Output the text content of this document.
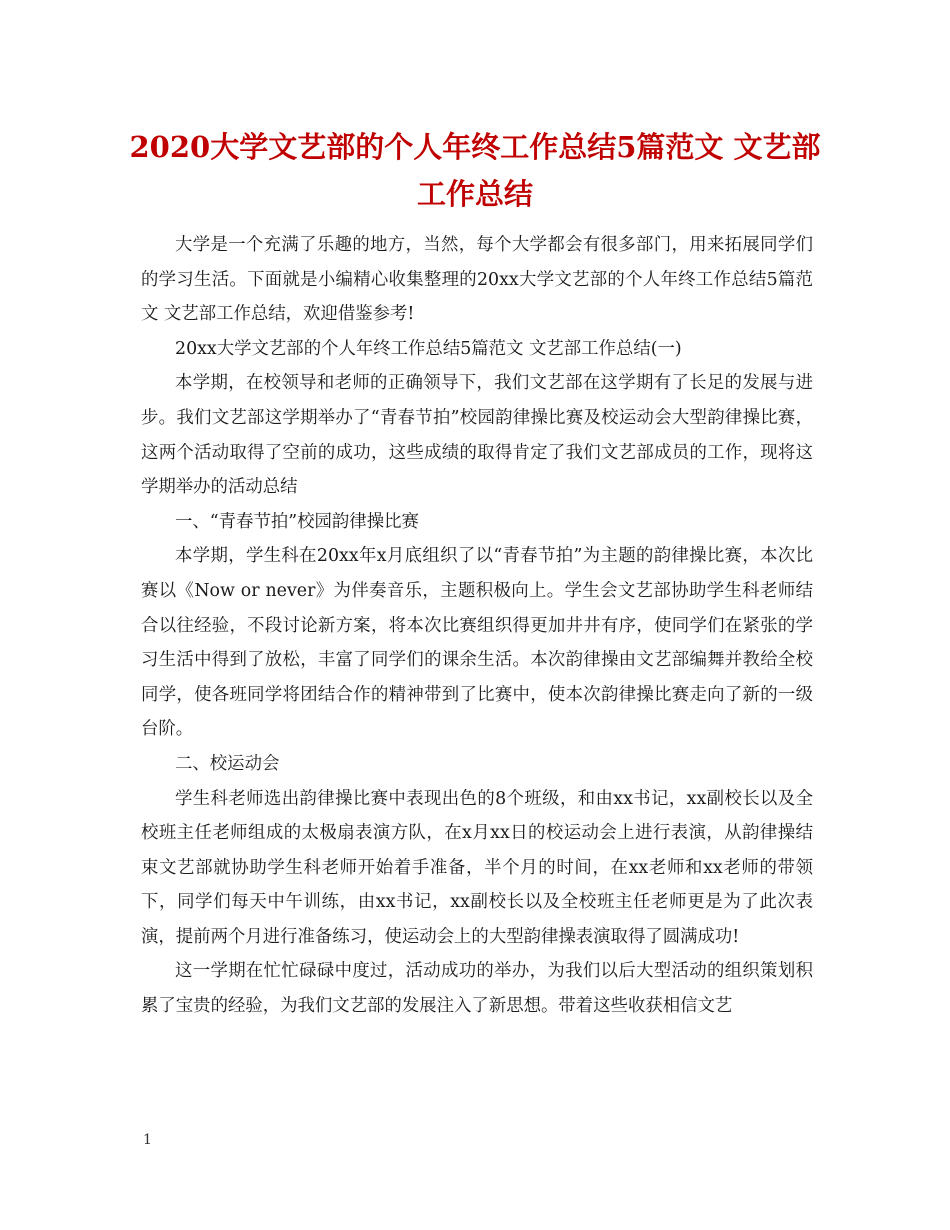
2020大学文艺部的个人年终工作总结5篇范文 文艺部
工作总结

大学是一个充满了乐趣的地方，当然，每个大学都会有很多部门，用来拓展同学们的学习生活。下面就是小编精心收集整理的20xx大学文艺部的个人年终工作总结5篇范文 文艺部工作总结，欢迎借鉴参考!

20xx大学文艺部的个人年终工作总结5篇范文 文艺部工作总结(一)

本学期，在校领导和老师的正确领导下，我们文艺部在这学期有了长足的发展与进步。我们文艺部这学期举办了“青春节拍”校园韵律操比赛及校运动会大型韵律操比赛，这两个活动取得了空前的成功，这些成绩的取得肯定了我们文艺部成员的工作，现将这学期举办的活动总结

一、“青春节拍”校园韵律操比赛

本学期，学生科在20xx年x月底组织了以“青春节拍”为主题的韵律操比赛，本次比赛以《Now or never》为伴奏音乐，主题积极向上。学生会文艺部协助学生科老师结合以往经验，不段讨论新方案，将本次比赛组织得更加井井有序，使同学们在紧张的学习生活中得到了放松，丰富了同学们的课余生活。本次韵律操由文艺部编舞并教给全校同学，使各班同学将团结合作的精神带到了比赛中，使本次韵律操比赛走向了新的一级台阶。

二、校运动会

学生科老师选出韵律操比赛中表现出色的8个班级，和由xx书记，xx副校长以及全校班主任老师组成的太极扇表演方队，在x月xx日的校运动会上进行表演，从韵律操结束文艺部就协助学生科老师开始着手准备，半个月的时间，在xx老师和xx老师的带领下，同学们每天中午训练，由xx书记，xx副校长以及全校班主任老师更是为了此次表演，提前两个月进行准备练习，使运动会上的大型韵律操表演取得了圆满成功!

这一学期在忙忙碌碌中度过，活动成功的举办，为我们以后大型活动的组织策划积累了宝贵的经验，为我们文艺部的发展注入了新思想。带着这些收获相信文艺

1
